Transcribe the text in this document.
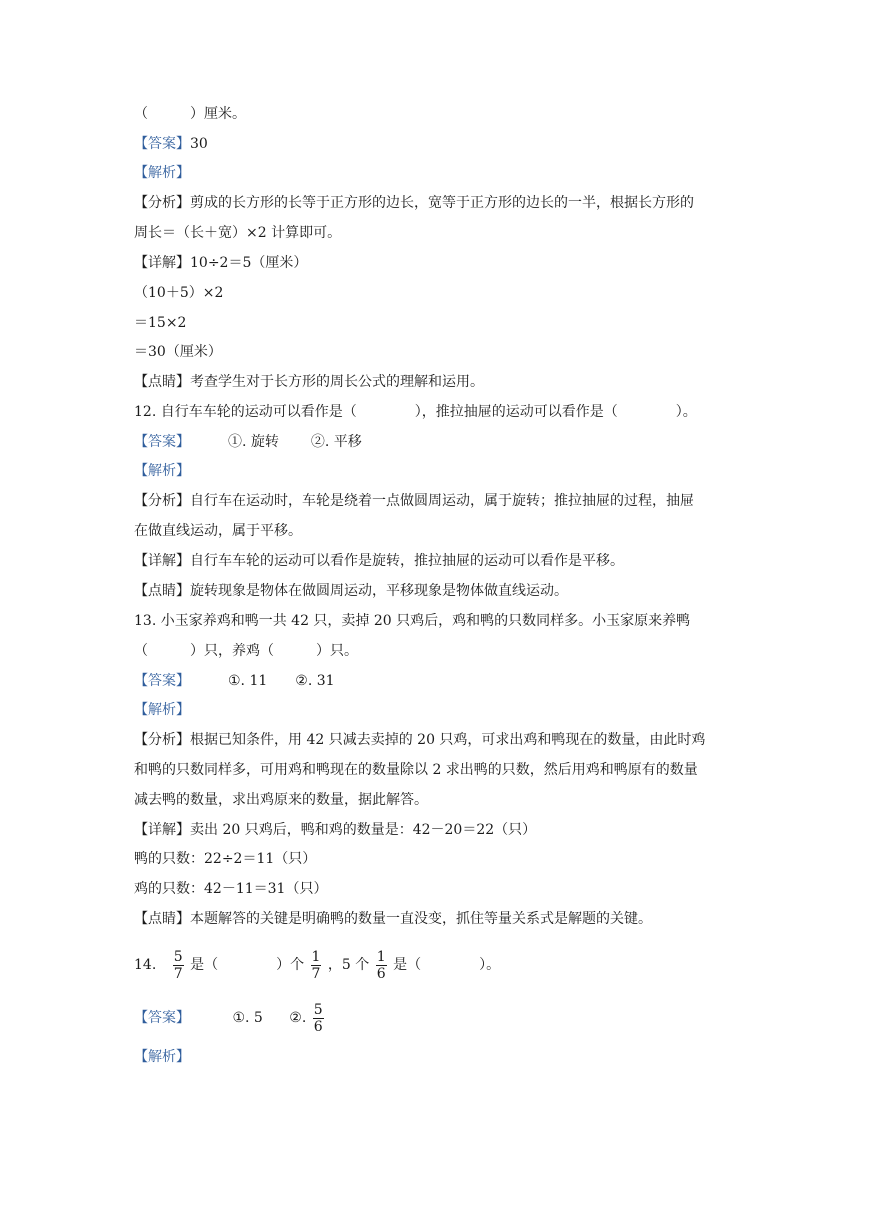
（　　　）厘米。
【答案】30
【解析】
【分析】剪成的长方形的长等于正方形的边长，宽等于正方形的边长的一半，根据长方形的
周长＝（长＋宽）×2 计算即可。
【详解】10÷2＝5（厘米）
（10＋5）×2
＝15×2
＝30（厘米）
【点睛】考查学生对于长方形的周长公式的理解和运用。
12. 自行车车轮的运动可以看作是（	），推拉抽屉的运动可以看作是（	）。
【答案】	①. 旋转 ②. 平移
【解析】
【分析】自行车在运动时，车轮是绕着一点做圆周运动，属于旋转；推拉抽屉的过程，抽屉
在做直线运动，属于平移。
【详解】自行车车轮的运动可以看作是旋转，推拉抽屉的运动可以看作是平移。
【点睛】旋转现象是物体在做圆周运动，平移现象是物体做直线运动。
13. 小玉家养鸡和鸭一共 42 只，卖掉 20 只鸡后，鸡和鸭的只数同样多。小玉家原来养鸭
（　　　）只，养鸡（　　　）只。
【答案】	①. 11 ②. 31
【解析】
【分析】根据已知条件，用 42 只减去卖掉的 20 只鸡，可求出鸡和鸭现在的数量，由此时鸡
和鸭的只数同样多，可用鸡和鸭现在的数量除以 2 求出鸭的只数，然后用鸡和鸭原有的数量
减去鸭的数量，求出鸡原来的数量，据此解答。
【详解】卖出 20 只鸡后，鸭和鸡的数量是：42－20＝22（只）
鸭的只数：22÷2＝11（只）
鸡的只数：42－11＝31（只）
【点睛】本题解答的关键是明确鸭的数量一直没变，抓住等量关系式是解题的关键。
14. $\frac{5}{7}$ 是（	）个 $\frac{1}{7}$ ，5 个 $\frac{1}{6}$ 是（	）。
【答案】	①. 5 ②. $\frac{5}{6}$
【解析】
